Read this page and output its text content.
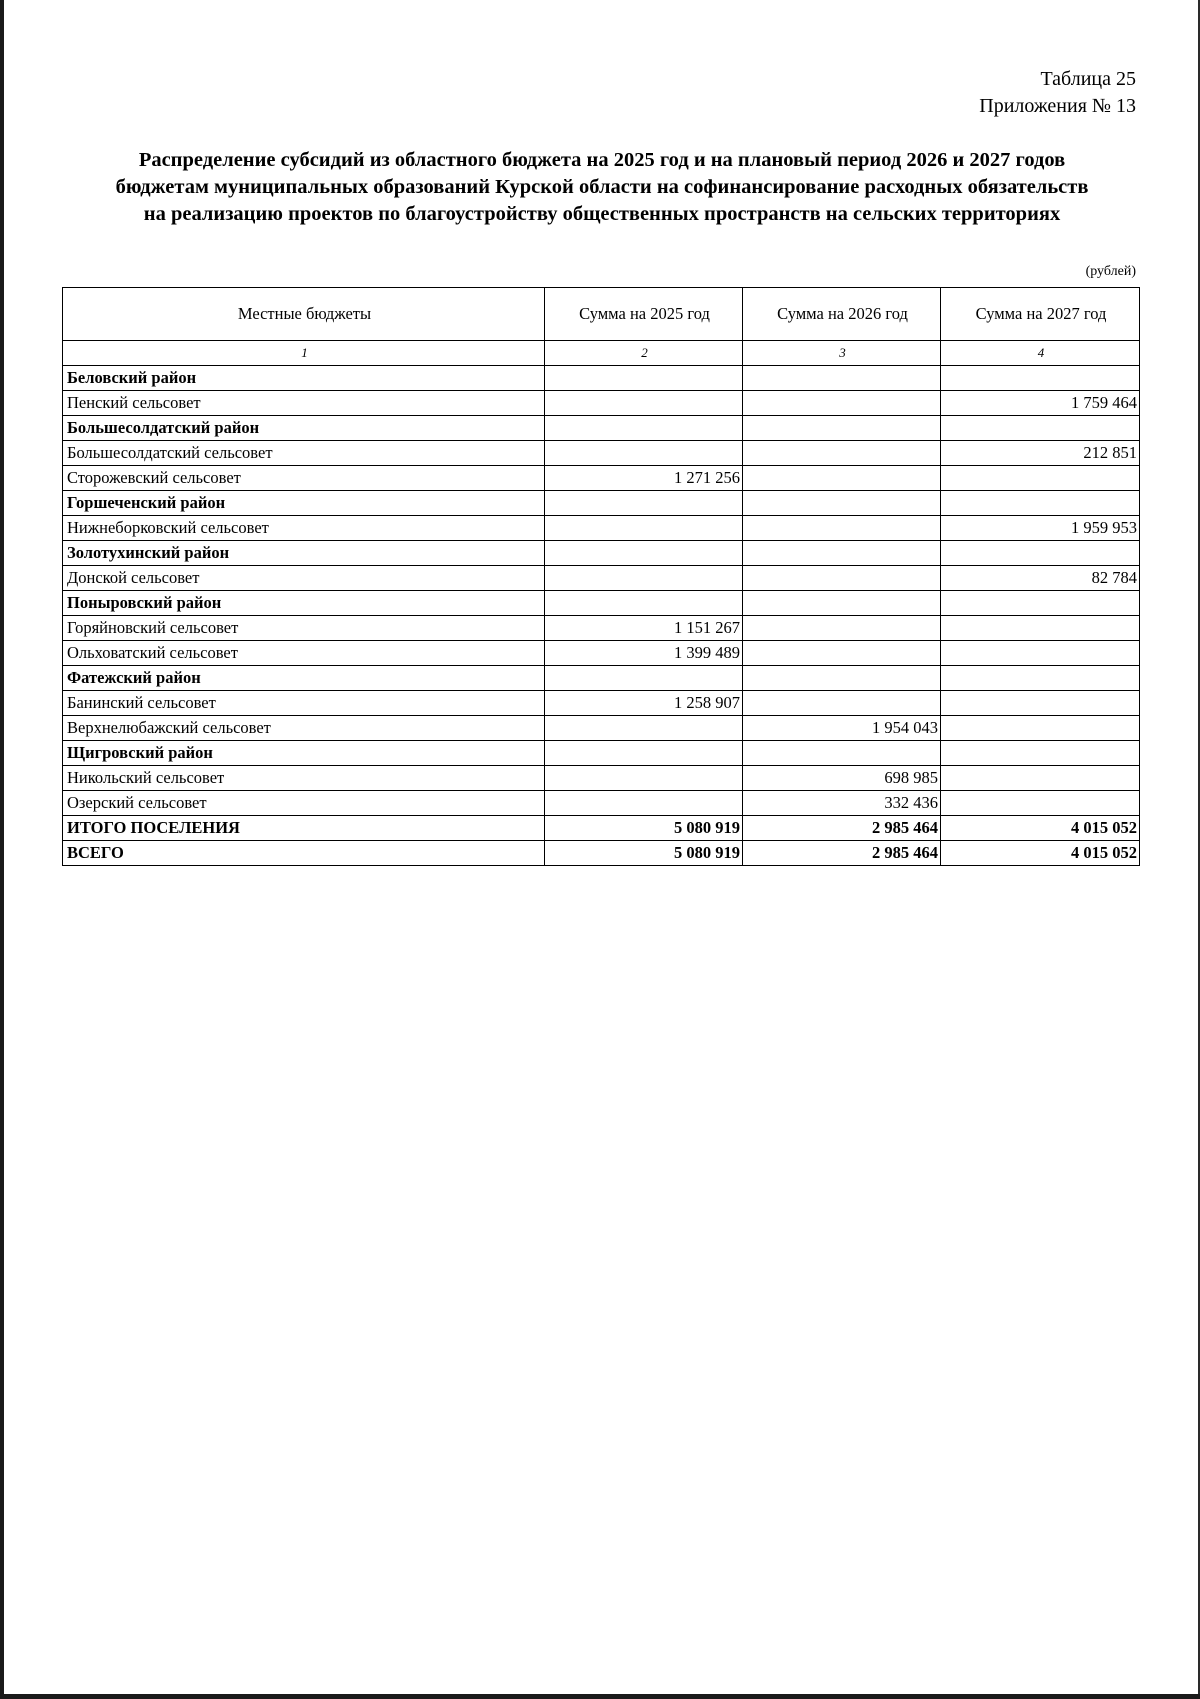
Таблица 25
Приложения № 13
Распределение субсидий из областного бюджета на 2025 год и на плановый период 2026 и 2027 годов
бюджетам муниципальных образований Курской области на софинансирование расходных обязательств
на реализацию проектов по благоустройству общественных пространств на сельских территориях
(рублей)
Местные бюджеты	Сумма на 2025 год	Сумма на 2026 год	Сумма на 2027 год
1	2	3	4
Беловский район			
Пенский сельсовет			1 759 464
Большесолдатский район			
Большесолдатский сельсовет			212 851
Сторожевский сельсовет	1 271 256		
Горшеченский район			
Нижнеборковский сельсовет			1 959 953
Золотухинский район			
Донской сельсовет			82 784
Поныровский район			
Горяйновский сельсовет	1 151 267		
Ольховатский сельсовет	1 399 489		
Фатежский район			
Банинский сельсовет	1 258 907		
Верхнелюбажский сельсовет		1 954 043	
Щигровский район			
Никольский сельсовет		698 985	
Озерский сельсовет		332 436	
ИТОГО ПОСЕЛЕНИЯ	5 080 919	2 985 464	4 015 052
ВСЕГО	5 080 919	2 985 464	4 015 052
